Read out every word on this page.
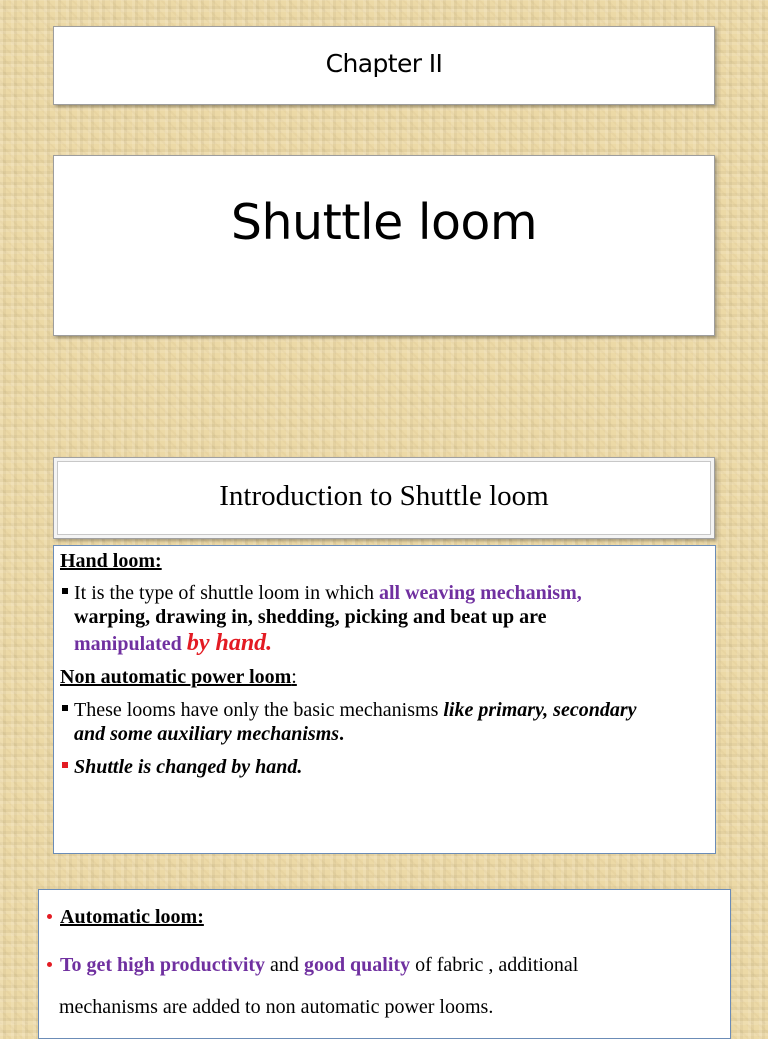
Chapter II
Shuttle loom
Introduction to Shuttle loom
Hand loom:
It is the type of shuttle loom in which all weaving mechanism,
warping, drawing in, shedding, picking and beat up are
manipulated by hand.
Non automatic power loom:
These looms have only the basic mechanisms like primary, secondary
and some auxiliary mechanisms.
Shuttle is changed by hand.
Automatic loom:
To get high productivity and good quality of fabric , additional
mechanisms are added to non automatic power looms.
